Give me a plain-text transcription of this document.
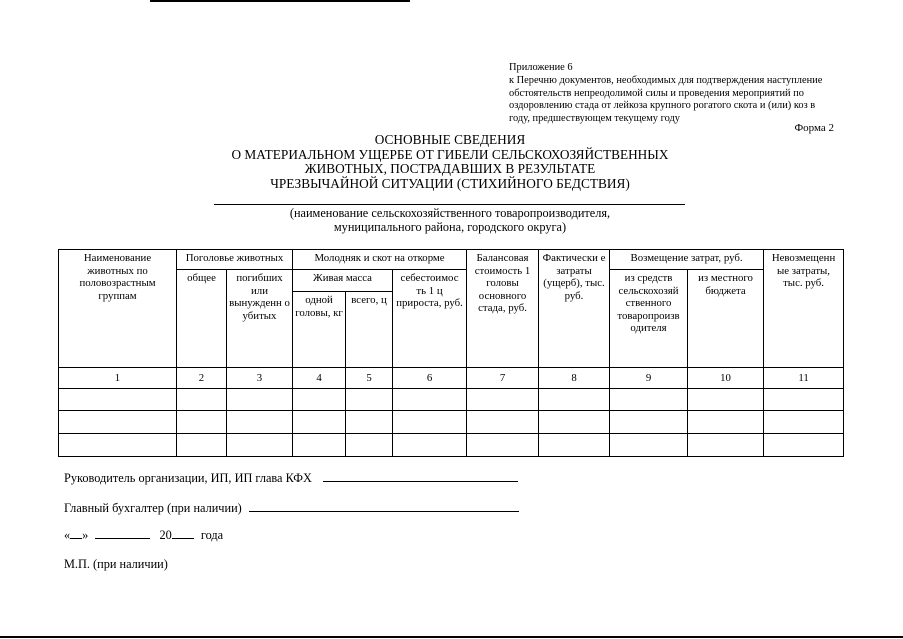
Приложение 6
к Перечню документов, необходимых для подтверждения наступление
обстоятельств непреодолимой силы и проведения мероприятий по
оздоровлению стада от лейкоза крупного рогатого скота и (или) коз в
году, предшествующем текущему году
Форма 2
ОСНОВНЫЕ СВЕДЕНИЯ
О МАТЕРИАЛЬНОМ УЩЕРБЕ ОТ ГИБЕЛИ СЕЛЬСКОХОЗЯЙСТВЕННЫХ
ЖИВОТНЫХ, ПОСТРАДАВШИХ В РЕЗУЛЬТАТЕ
ЧРЕЗВЫЧАЙНОЙ СИТУАЦИИ (СТИХИЙНОГО БЕДСТВИЯ)
(наименование сельскохозяйственного товаропроизводителя,
муниципального района, городского округа)
Наименование животных по половозрастным группам	Поголовье животных		Молодняк и скот на откорме			Балансовая стоимость 1 головы основного стада, руб.	Фактически е затраты (ущерб), тыс. руб.	Возмещение затрат, руб.		Невозмещенн ые затраты, тыс. руб.
	общее	погибших или вынужденн о убитых	Живая масса		себестоимос ть 1 ц прироста, руб.			из средств сельскохозяй ственного товаропроизв одителя	из местного бюджета	
			одной головы, кг	всего, ц						
1	2	3	4	5	6	7	8	9	10	11

Руководитель организации, ИП, ИП глава КФХ
Главный бухгалтер (при наличии)
« »	20 года
М.П. (при наличии)
